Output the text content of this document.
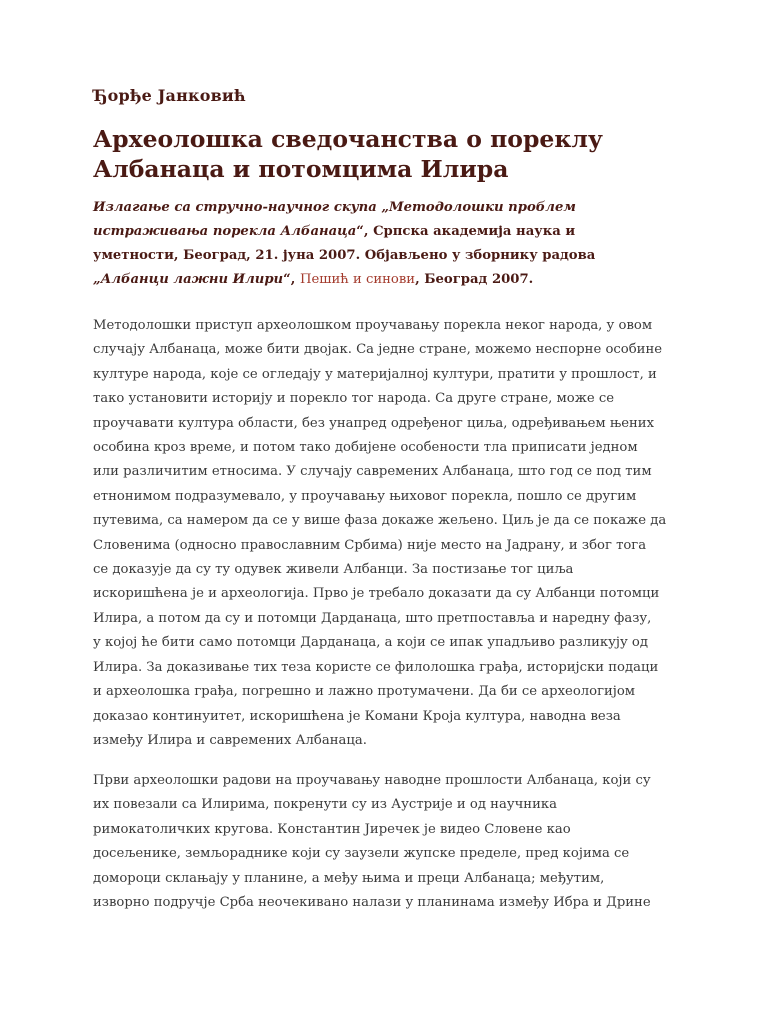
Ђорђе Јанковић
Археолошка сведочанства о пореклу
Албанаца и потомцима Илира
Излагање са стручно-научног скупа „Методолошки проблем
истраживања порекла Албанаца“, Српска академија наука и
уметности, Београд, 21. јуна 2007. Објављено у зборнику радова
„Албанци лажни Илири“, Пешић и синови, Београд 2007.
Методолошки приступ археолошком проучавању порекла неког народа, у овом
случају Албанаца, може бити двојак. Са једне стране, можемо неспорне особине
културе народа, које се огледају у материјалној култури, пратити у прошлост, и
тако установити историју и порекло тог народа. Са друге стране, може се
проучавати култура области, без унапред одређеног циља, одређивањем њених
особина кроз време, и потом тако добијене особености тла приписати једном
или различитим етносима. У случају савремених Албанаца, што год се под тим
етнонимом подразумевало, у проучавању њиховог порекла, пошло се другим
путевима, са намером да се у више фаза докаже жељено. Циљ је да се покаже да
Словенима (односно православним Србима) није место на Јадрану, и због тога
се доказује да су ту одувек живели Албанци. За постизање тог циља
искоришћена је и археологија. Прво је требало доказати да су Албанци потомци
Илира, а потом да су и потомци Дарданаца, што претпоставља и наредну фазу,
у којој ће бити само потомци Дарданаца, а који се ипак упадљиво разликују од
Илира. За доказивање тих теза користе се филолошка грађа, историјски подаци
и археолошка грађа, погрешно и лажно протумачени. Да би се археологијом
доказао континуитет, искоришћена је Комани Кроја култура, наводна веза
између Илира и савремених Албанаца.
Први археолошки радови на проучавању наводне прошлости Албанаца, који су
их повезали са Илирима, покренути су из Аустрије и од научника
римокатоличких кругова. Константин Јиречек је видео Словене као
досељенике, земљораднике који су заузели жупске пределе, пред којима се
домороци склањају у планине, а међу њима и преци Албанаца; међутим,
изворно подручје Срба неочекивано налази у планинама између Ибра и Дрине
